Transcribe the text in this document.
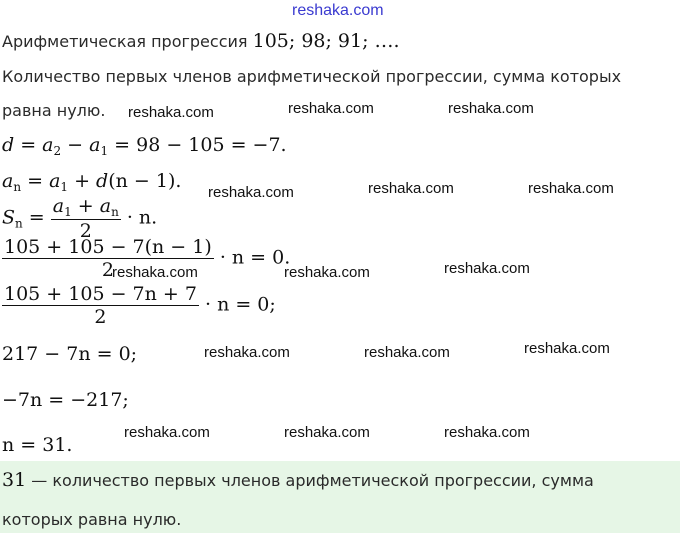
reshaka.com
Арифметическая прогрессия 105; 98; 91; ….
Количество первых членов арифметической прогрессии, сумма которых
равна нулю.
$d = a_2 - a_1 = 98 - 105 = -7$.
$a_n = a_1 + d(n - 1)$.
$S_n = \frac{a_1 + a_n}{2} \cdot n$.
$\frac{105 + 105 - 7(n - 1)}{2} \cdot n = 0$.
$\frac{105 + 105 - 7n + 7}{2} \cdot n = 0$;
217 − 7n = 0;
−7n = −217;
n = 31.
31 — количество первых членов арифметической прогрессии, сумма
которых равна нулю.
reshaka.com	reshaka.com	reshaka.com
reshaka.com	reshaka.com	reshaka.com
reshaka.com	reshaka.com	reshaka.com
reshaka.com	reshaka.com	reshaka.com
reshaka.com	reshaka.com	reshaka.com
